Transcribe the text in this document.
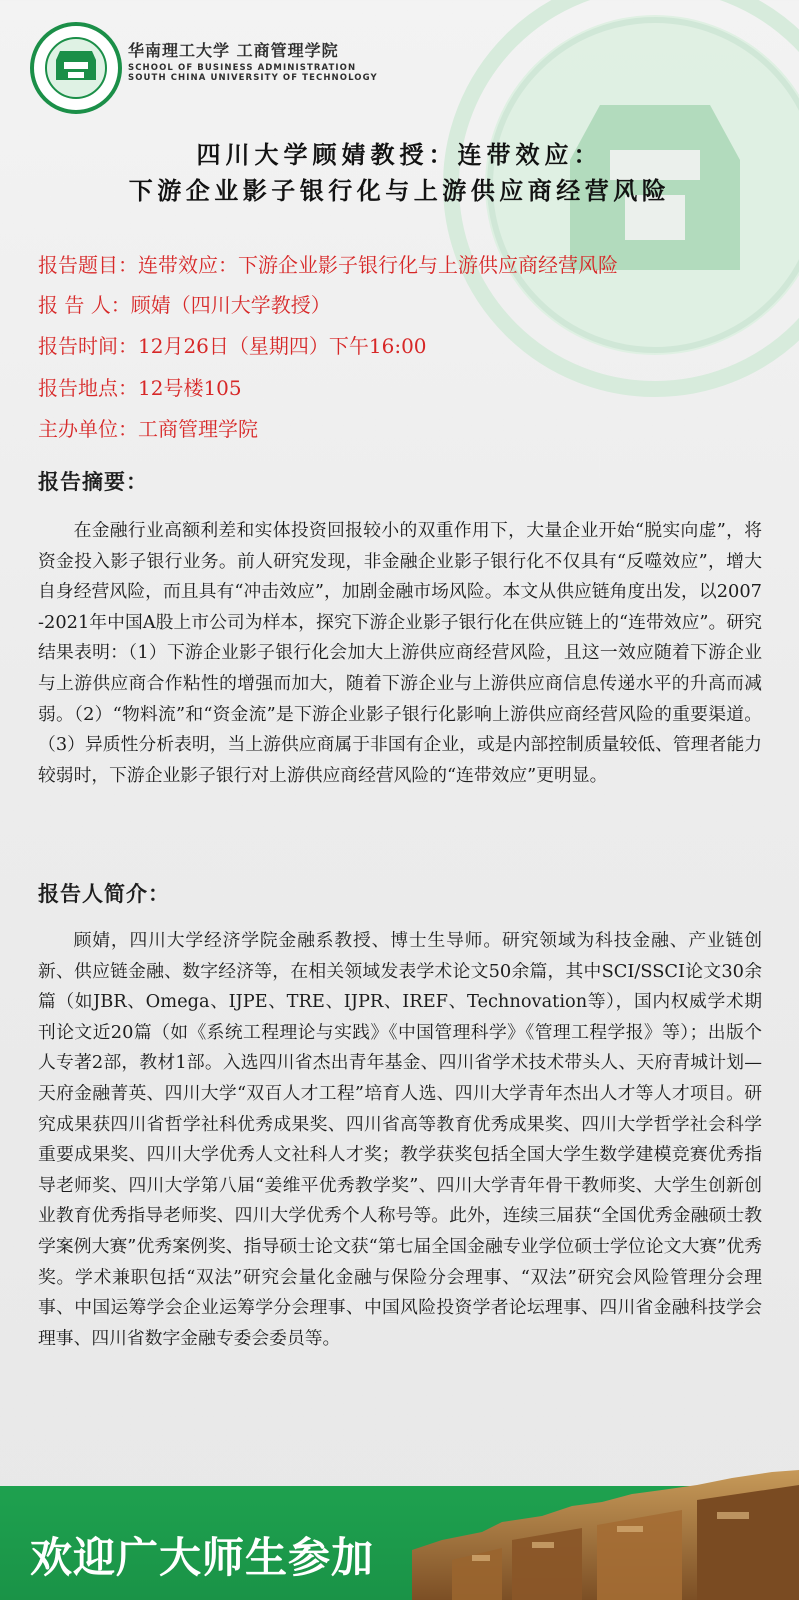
华南理工大学 工商管理学院
SCHOOL OF BUSINESS ADMINISTRATION
SOUTH CHINA UNIVERSITY OF TECHNOLOGY
四川大学顾婧教授：连带效应：
下游企业影子银行化与上游供应商经营风险
报告题目： 连带效应：下游企业影子银行化与上游供应商经营风险
报 告 人： 顾婧（四川大学教授）
报告时间： 12月26日（星期四）下午16:00
报告地点： 12号楼105
主办单位： 工商管理学院
报告摘要：
在金融行业高额利差和实体投资回报较小的双重作用下，大量企业开始“脱实向虚”，将资金投入影子银行业务。前人研究发现，非金融企业影子银行化不仅具有“反噬效应”，增大自身经营风险，而且具有“冲击效应”，加剧金融市场风险。本文从供应链角度出发，以2007-2021年中国A股上市公司为样本，探究下游企业影子银行化在供应链上的“连带效应”。研究结果表明：（1）下游企业影子银行化会加大上游供应商经营风险，且这一效应随着下游企业与上游供应商合作粘性的增强而加大，随着下游企业与上游供应商信息传递水平的升高而减弱。（2）“物料流”和“资金流”是下游企业影子银行化影响上游供应商经营风险的重要渠道。（3）异质性分析表明，当上游供应商属于非国有企业，或是内部控制质量较低、管理者能力较弱时，下游企业影子银行对上游供应商经营风险的“连带效应”更明显。
报告人简介：
顾婧，四川大学经济学院金融系教授、博士生导师。研究领域为科技金融、产业链创新、供应链金融、数字经济等，在相关领域发表学术论文50余篇，其中SCI/SSCI论文30余篇（如JBR、Omega、IJPE、TRE、IJPR、IREF、Technovation等），国内权威学术期刊论文近20篇（如《系统工程理论与实践》《中国管理科学》《管理工程学报》等）；出版个人专著2部，教材1部。入选四川省杰出青年基金、四川省学术技术带头人、天府青城计划—天府金融菁英、四川大学“双百人才工程”培育人选、四川大学青年杰出人才等人才项目。研究成果获四川省哲学社科优秀成果奖、四川省高等教育优秀成果奖、四川大学哲学社会科学重要成果奖、四川大学优秀人文社科人才奖；教学获奖包括全国大学生数学建模竞赛优秀指导老师奖、四川大学第八届“姜维平优秀教学奖”、四川大学青年骨干教师奖、大学生创新创业教育优秀指导老师奖、四川大学优秀个人称号等。此外，连续三届获“全国优秀金融硕士教学案例大赛”优秀案例奖、指导硕士论文获“第七届全国金融专业学位硕士学位论文大赛”优秀奖。学术兼职包括“双法”研究会量化金融与保险分会理事、“双法”研究会风险管理分会理事、中国运筹学会企业运筹学分会理事、中国风险投资学者论坛理事、四川省金融科技学会理事、四川省数字金融专委会委员等。
欢迎广大师生参加
